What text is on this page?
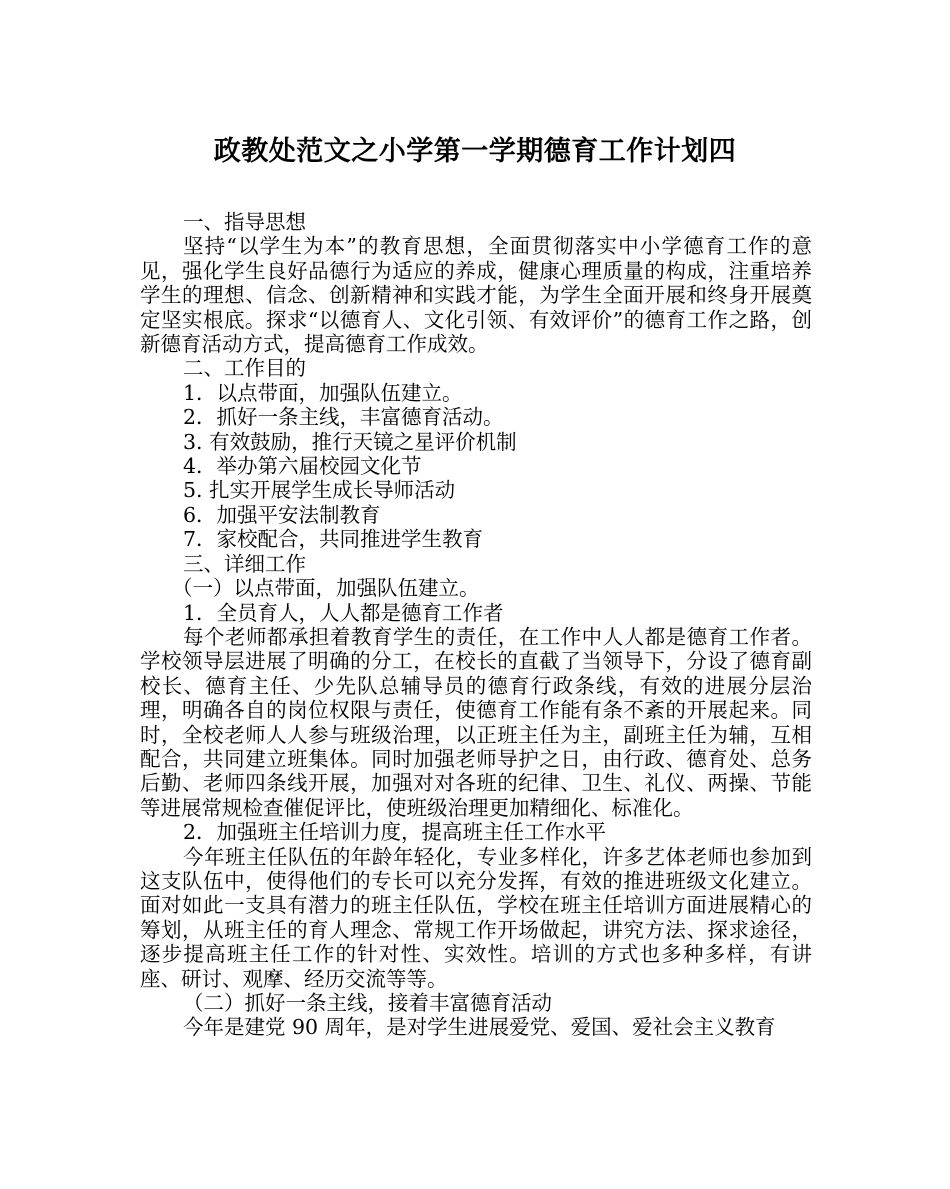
政教处范文之小学第一学期德育工作计划四

一、指导思想

坚持“以学生为本”的教育思想，全面贯彻落实中小学德育工作的意见，强化学生良好品德行为适应的养成，健康心理质量的构成，注重培养学生的理想、信念、创新精神和实践才能，为学生全面开展和终身开展奠定坚实根底。探求“以德育人、文化引领、有效评价”的德育工作之路，创新德育活动方式，提高德育工作成效。

二、工作目的

1．以点带面，加强队伍建立。

2．抓好一条主线，丰富德育活动。

3. 有效鼓励，推行天镜之星评价机制

4．举办第六届校园文化节

5. 扎实开展学生成长导师活动

6．加强平安法制教育

7．家校配合，共同推进学生教育

三、详细工作

（一）以点带面，加强队伍建立。

1．全员育人，人人都是德育工作者

每个老师都承担着教育学生的责任，在工作中人人都是德育工作者。学校领导层进展了明确的分工，在校长的直截了当领导下，分设了德育副校长、德育主任、少先队总辅导员的德育行政条线，有效的进展分层治理，明确各自的岗位权限与责任，使德育工作能有条不紊的开展起来。同时，全校老师人人参与班级治理，以正班主任为主，副班主任为辅，互相配合，共同建立班集体。同时加强老师导护之日，由行政、德育处、总务后勤、老师四条线开展，加强对对各班的纪律、卫生、礼仪、两操、节能等进展常规检查催促评比，使班级治理更加精细化、标准化。

2．加强班主任培训力度，提高班主任工作水平

今年班主任队伍的年龄年轻化，专业多样化，许多艺体老师也参加到这支队伍中，使得他们的专长可以充分发挥，有效的推进班级文化建立。面对如此一支具有潜力的班主任队伍，学校在班主任培训方面进展精心的筹划，从班主任的育人理念、常规工作开场做起，讲究方法、探求途径，逐步提高班主任工作的针对性、实效性。培训的方式也多种多样，有讲座、研讨、观摩、经历交流等等。

（二）抓好一条主线，接着丰富德育活动

今年是建党 90 周年，是对学生进展爱党、爱国、爱社会主义教育
